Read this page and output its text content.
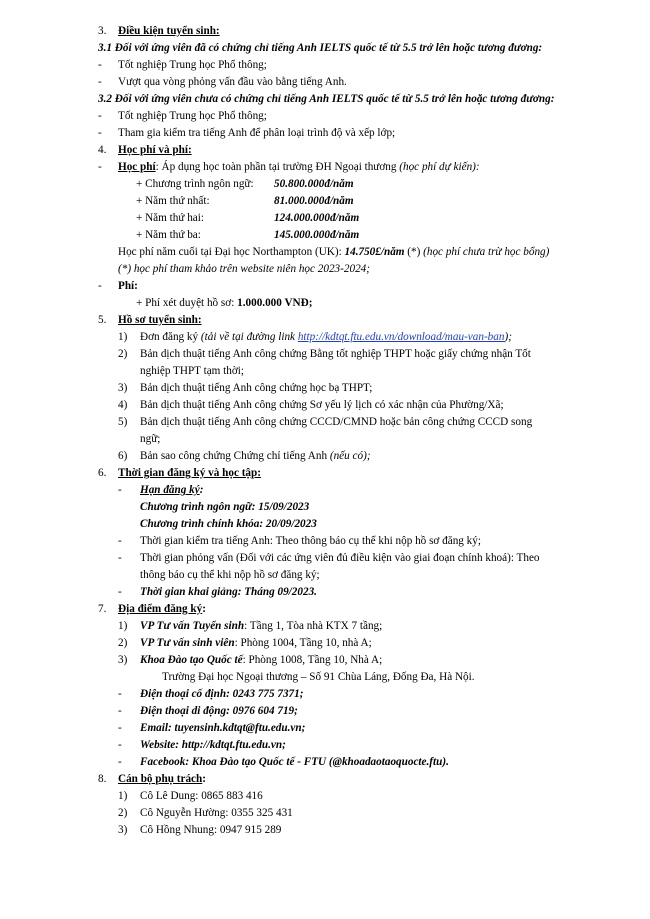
3. Điều kiện tuyển sinh:
3.1 Đối với ứng viên đã có chứng chỉ tiếng Anh IELTS quốc tế từ 5.5 trở lên hoặc tương đương:
- Tốt nghiệp Trung học Phổ thông;
- Vượt qua vòng phỏng vấn đầu vào bằng tiếng Anh.
3.2 Đối với ứng viên chưa có chứng chỉ tiếng Anh IELTS quốc tế từ 5.5 trở lên hoặc tương đương:
- Tốt nghiệp Trung học Phổ thông;
- Tham gia kiểm tra tiếng Anh để phân loại trình độ và xếp lớp;
4. Học phí và phí:
- Học phí: Áp dụng học toàn phần tại trường ĐH Ngoại thương (học phí dự kiến):
+ Chương trình ngôn ngữ: 50.800.000đ/năm
+ Năm thứ nhất:	81.000.000đ/năm
+ Năm thứ hai:	124.000.000đ/năm
+ Năm thứ ba:	145.000.000đ/năm
Học phí năm cuối tại Đại học Northampton (UK): 14.750£/năm (*) (học phí chưa trừ học bổng)
(*) học phí tham khảo trên website niên học 2023-2024;
- Phí:
+ Phí xét duyệt hồ sơ: 1.000.000 VNĐ;
5. Hồ sơ tuyển sinh:
1) Đơn đăng ký (tải về tại đường link http://kdtqt.ftu.edu.vn/download/mau-van-ban);
2) Bản dịch thuật tiếng Anh công chứng Bằng tốt nghiệp THPT hoặc giấy chứng nhận Tốt
nghiệp THPT tạm thời;
3) Bản dịch thuật tiếng Anh công chứng học bạ THPT;
4) Bản dịch thuật tiếng Anh công chứng Sơ yếu lý lịch có xác nhận của Phường/Xã;
5) Bản dịch thuật tiếng Anh công chứng CCCD/CMND hoặc bản công chứng CCCD song
ngữ;
6) Bản sao công chứng Chứng chỉ tiếng Anh (nếu có);
6. Thời gian đăng ký và học tập:
- Hạn đăng ký:
Chương trình ngôn ngữ: 15/09/2023
Chương trình chính khóa: 20/09/2023
- Thời gian kiểm tra tiếng Anh: Theo thông báo cụ thể khi nộp hồ sơ đăng ký;
- Thời gian phỏng vấn (Đối với các ứng viên đủ điều kiện vào giai đoạn chính khoá): Theo
thông báo cụ thể khi nộp hồ sơ đăng ký;
- Thời gian khai giảng: Tháng 09/2023.
7. Địa điểm đăng ký:
1) VP Tư vấn Tuyển sinh: Tầng 1, Tòa nhà KTX 7 tầng;
2) VP Tư vấn sinh viên: Phòng 1004, Tầng 10, nhà A;
3) Khoa Đào tạo Quốc tế: Phòng 1008, Tầng 10, Nhà A;
Trường Đại học Ngoại thương – Số 91 Chùa Láng, Đống Đa, Hà Nội.
- Điện thoại cố định: 0243 775 7371;
- Điện thoại di động: 0976 604 719;
- Email: tuyensinh.kdtqt@ftu.edu.vn;
- Website: http://kdtqt.ftu.edu.vn;
- Facebook: Khoa Đào tạo Quốc tế - FTU (@khoadaotaoquocte.ftu).
8. Cán bộ phụ trách:
1) Cô Lê Dung: 0865 883 416
2) Cô Nguyễn Hường: 0355 325 431
3) Cô Hồng Nhung: 0947 915 289
